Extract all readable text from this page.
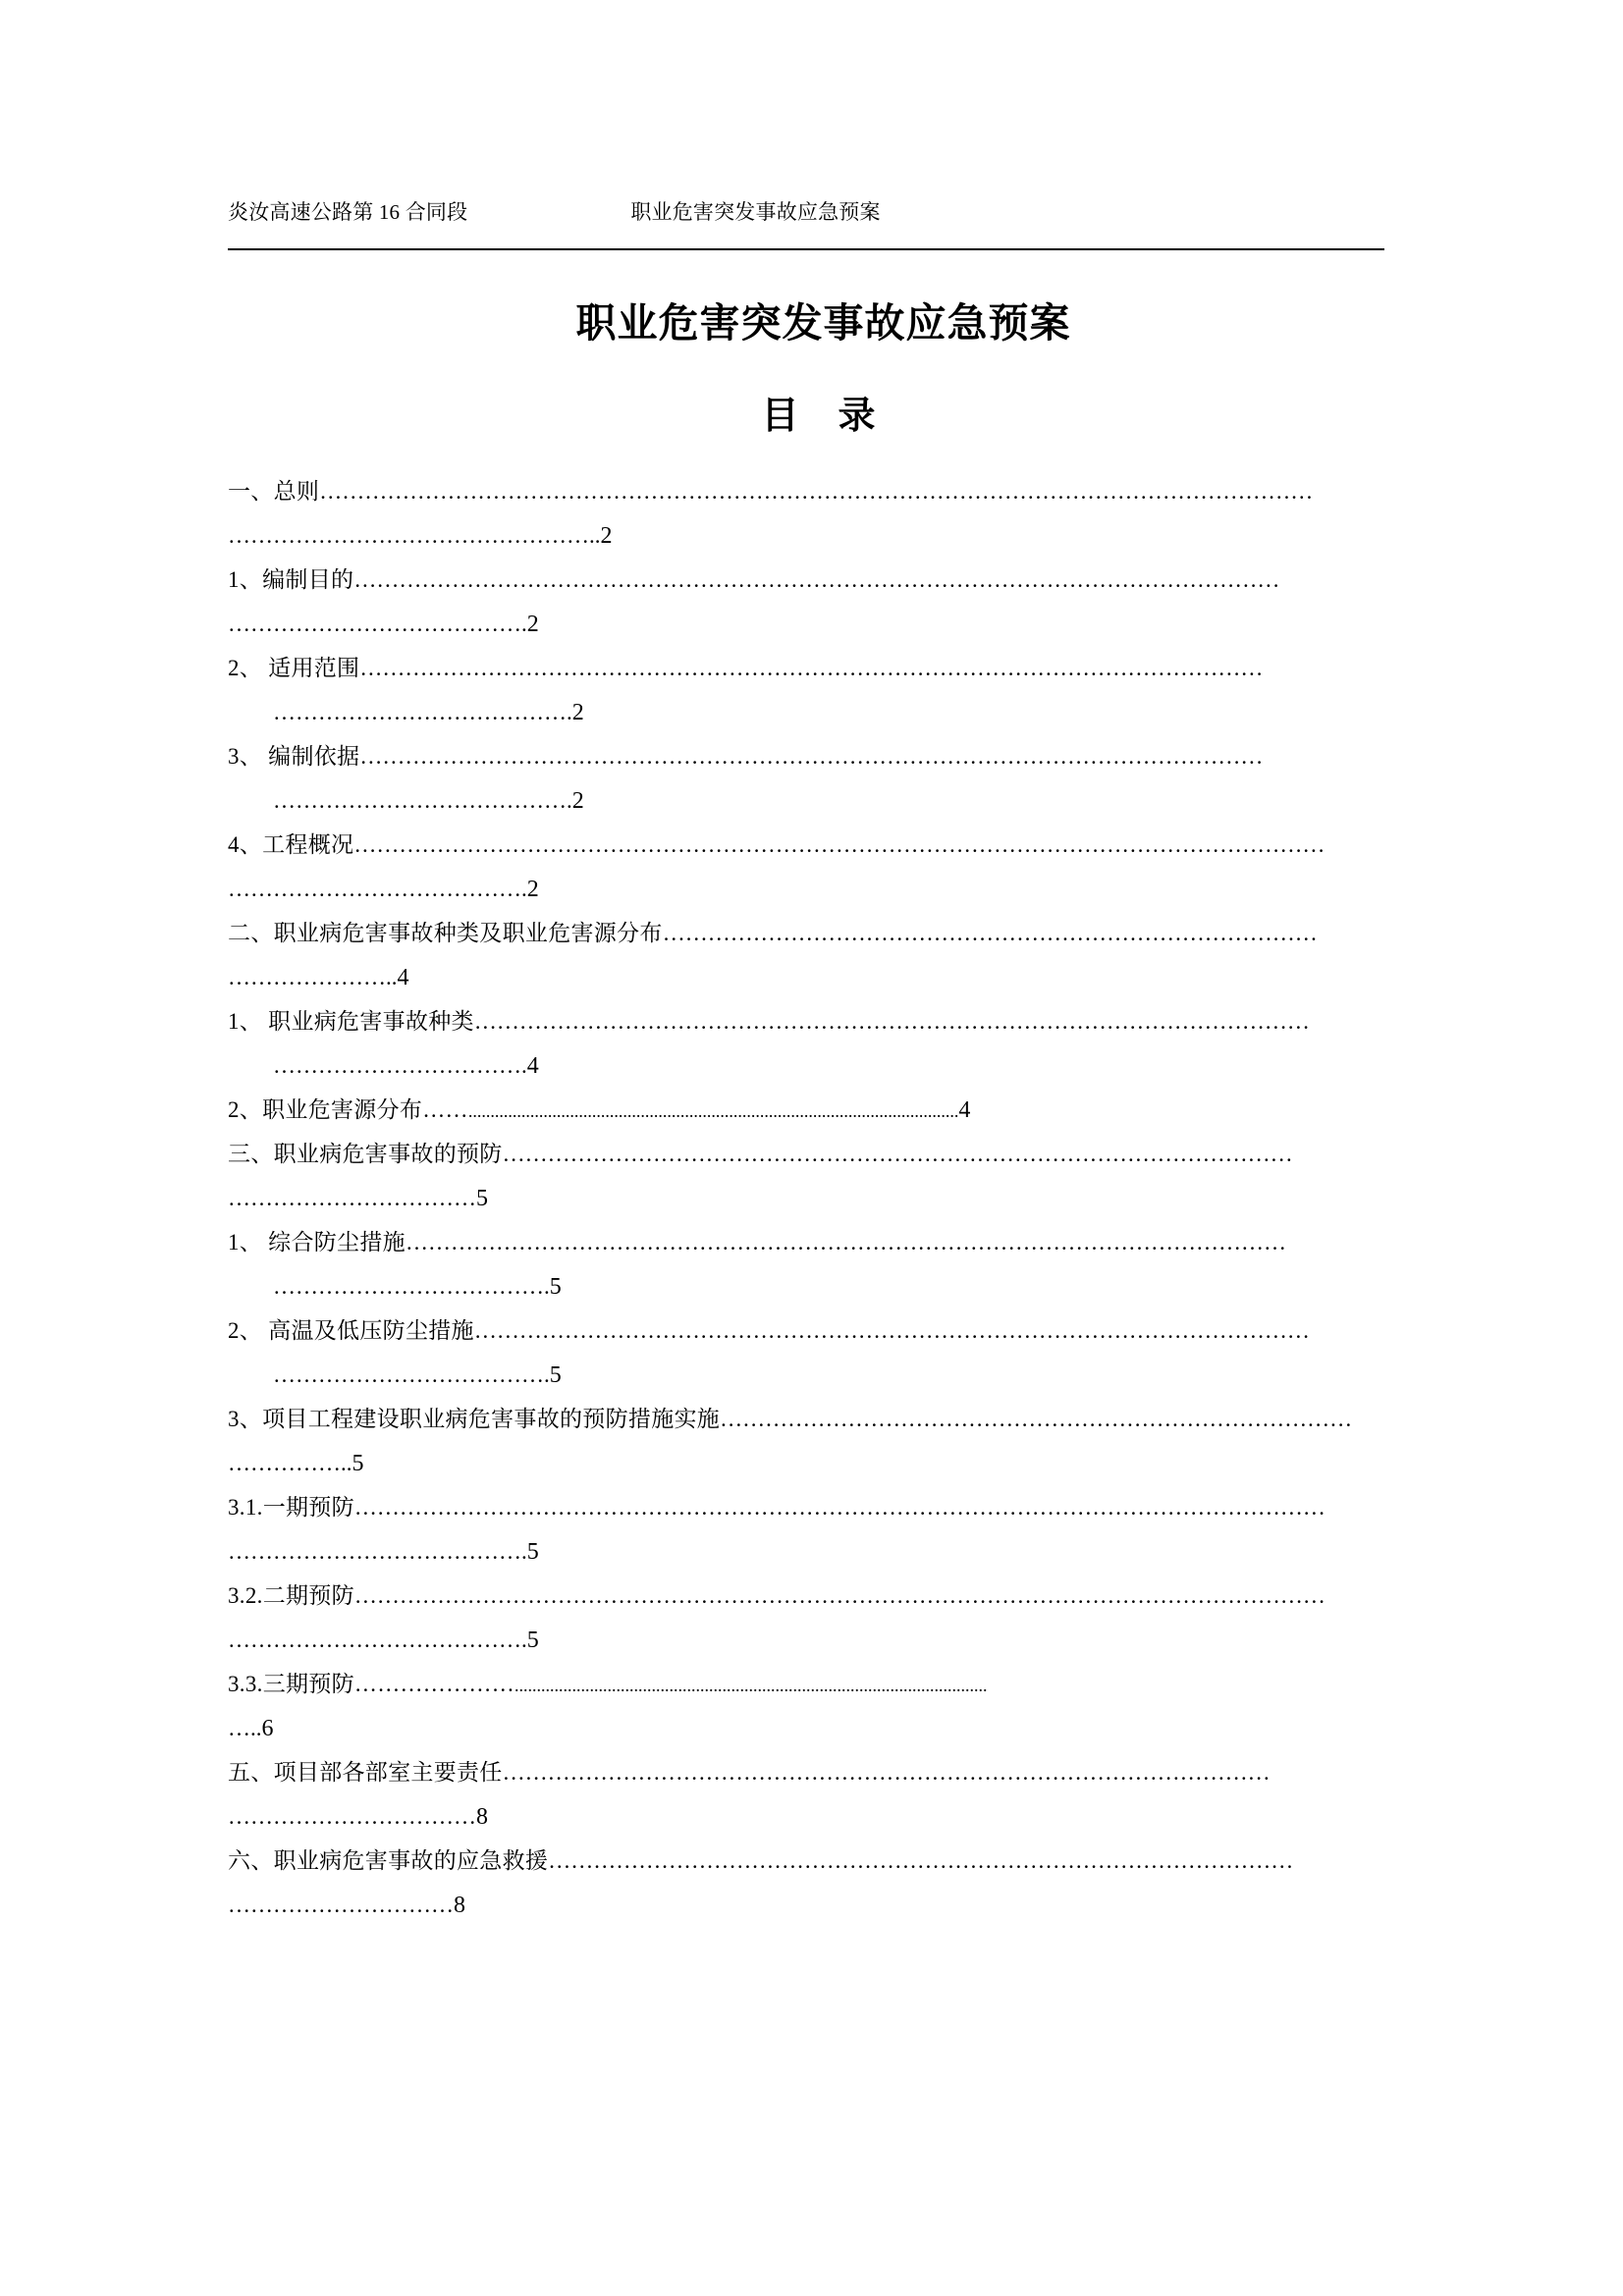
炎汝高速公路第 16 合同段	职业危害突发事故应急预案
职业危害突发事故应急预案
目 录
一、总则……………………………………………………………………………………………………………………
…………………………………………..2
1、编制目的……………………………………………………………………………………………………………
………………………………….2
2、 适用范围…………………………………………………………………………………………………………
………………………………….2
3、 编制依据…………………………………………………………………………………………………………
………………………………….2
4、工程概况…………………………………………………………………………………………………………………
………………………………….2
二、职业病危害事故种类及职业危害源分布……………………………………………………………………………
…………………..4
1、 职业病危害事故种类…………………………………………………………………………………………………
…………………………….4
2、职业危害源分布……...............................................................................................................4
三、职业病危害事故的预防……………………………………………………………………………………………
……………………………5
1、 综合防尘措施………………………………………………………………………………………………………
……………………………….5
2、 高温及低压防尘措施…………………………………………………………………………………………………
……………………………….5
3、项目工程建设职业病危害事故的预防措施实施…………………………………………………………………………
……………..5
3.1.一期预防…………………………………………………………………………………………………………………
………………………………….5
3.2.二期预防…………………………………………………………………………………………………………………
………………………………….5
3.3.三期预防…………………...........................................................................................................
…..6
五、项目部各部室主要责任…………………………………………………………………………………………
……………………………8
六、职业病危害事故的应急救援………………………………………………………………………………………
…………………………8
